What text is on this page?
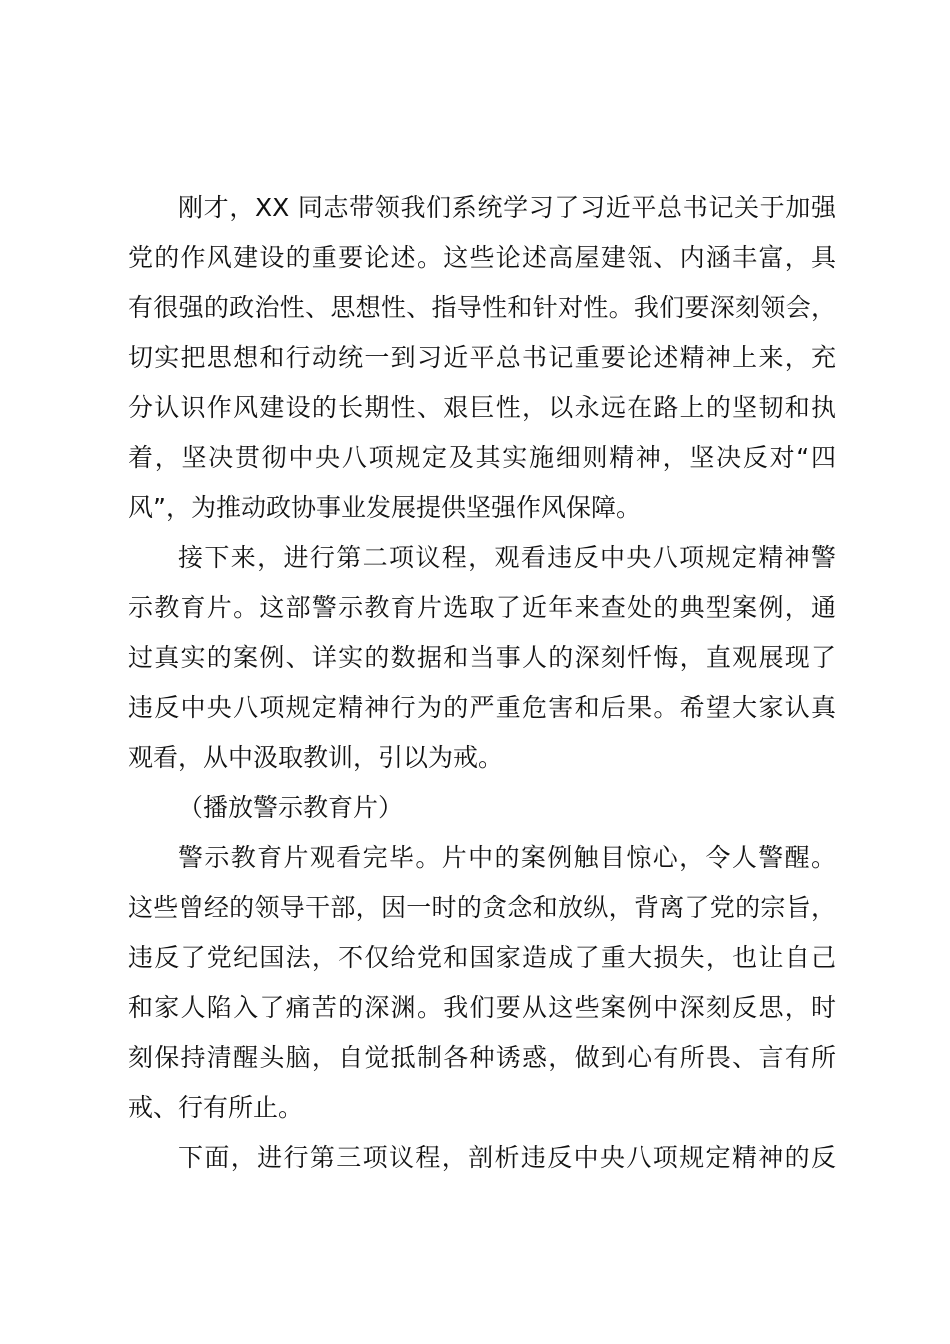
刚才，XX 同志带领我们系统学习了习近平总书记关于加强
党的作风建设的重要论述。这些论述高屋建瓴、内涵丰富，具
有很强的政治性、思想性、指导性和针对性。我们要深刻领会，
切实把思想和行动统一到习近平总书记重要论述精神上来，充
分认识作风建设的长期性、艰巨性，以永远在路上的坚韧和执
着，坚决贯彻中央八项规定及其实施细则精神，坚决反对“四
风”，为推动政协事业发展提供坚强作风保障。
接下来，进行第二项议程，观看违反中央八项规定精神警
示教育片。这部警示教育片选取了近年来查处的典型案例，通
过真实的案例、详实的数据和当事人的深刻忏悔，直观展现了
违反中央八项规定精神行为的严重危害和后果。希望大家认真
观看，从中汲取教训，引以为戒。
（播放警示教育片）
警示教育片观看完毕。片中的案例触目惊心，令人警醒。
这些曾经的领导干部，因一时的贪念和放纵，背离了党的宗旨，
违反了党纪国法，不仅给党和国家造成了重大损失，也让自己
和家人陷入了痛苦的深渊。我们要从这些案例中深刻反思，时
刻保持清醒头脑，自觉抵制各种诱惑，做到心有所畏、言有所
戒、行有所止。
下面，进行第三项议程，剖析违反中央八项规定精神的反
